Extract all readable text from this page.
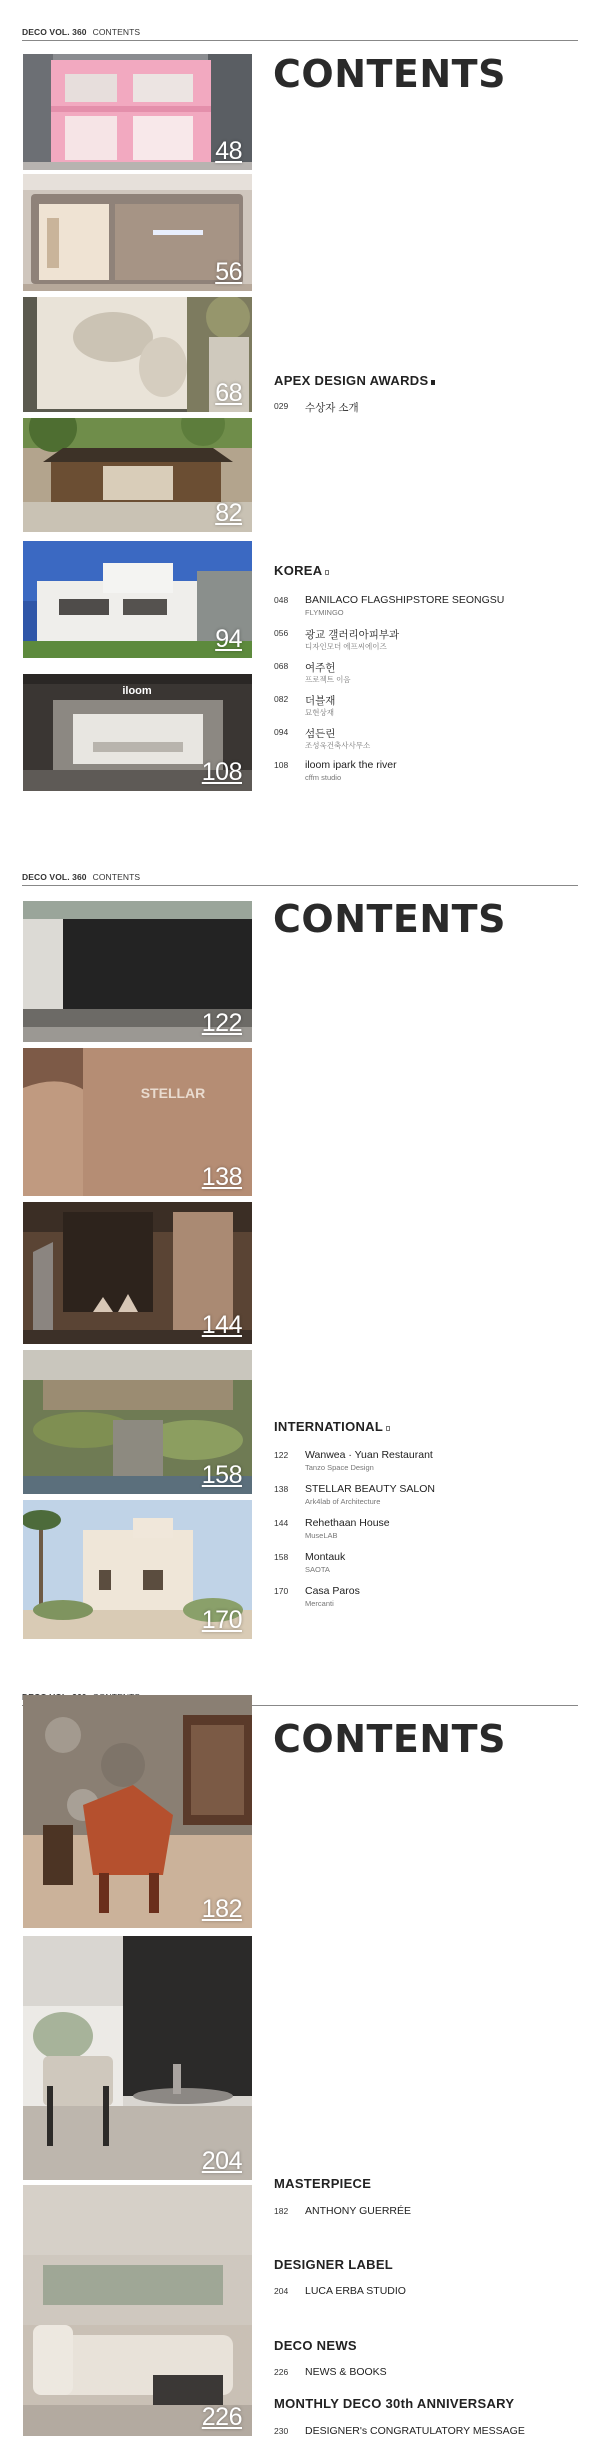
DECO VOL. 360 CONTENTS
CONTENTS
48
56
68
82
94
iloom
108
APEX DESIGN AWARDS
029	수상자 소개
KOREA
048	BANILACO FLAGSHIPSTORE SEONGSU
FLYMINGO
056	광교 갤러리아피부과
디자인모더 에프씨에이즈
068	여주헌
프로젝트 이음
082	더블재
묘현상재
094	섬든린
조성욱건축사사무소
108	iloom ipark the river
cffm studio
DECO VOL. 360 CONTENTS
CONTENTS
122
STELLAR
138
144
158
170
INTERNATIONAL
122	Wanwea · Yuan Restaurant
Tanzo Space Design
138	STELLAR BEAUTY SALON
Ark4lab of Architecture
144	Rehethaan House
MuseLAB
158	Montauk
SAOTA
170	Casa Paros
Mercanti
CONTENTS
182
204
226
MASTERPIECE
182	ANTHONY GUERRÉE
DESIGNER LABEL
204	LUCA ERBA STUDIO
DECO NEWS
226	NEWS & BOOKS
MONTHLY DECO 30th ANNIVERSARY
230	DESIGNER's CONGRATULATORY MESSAGE
